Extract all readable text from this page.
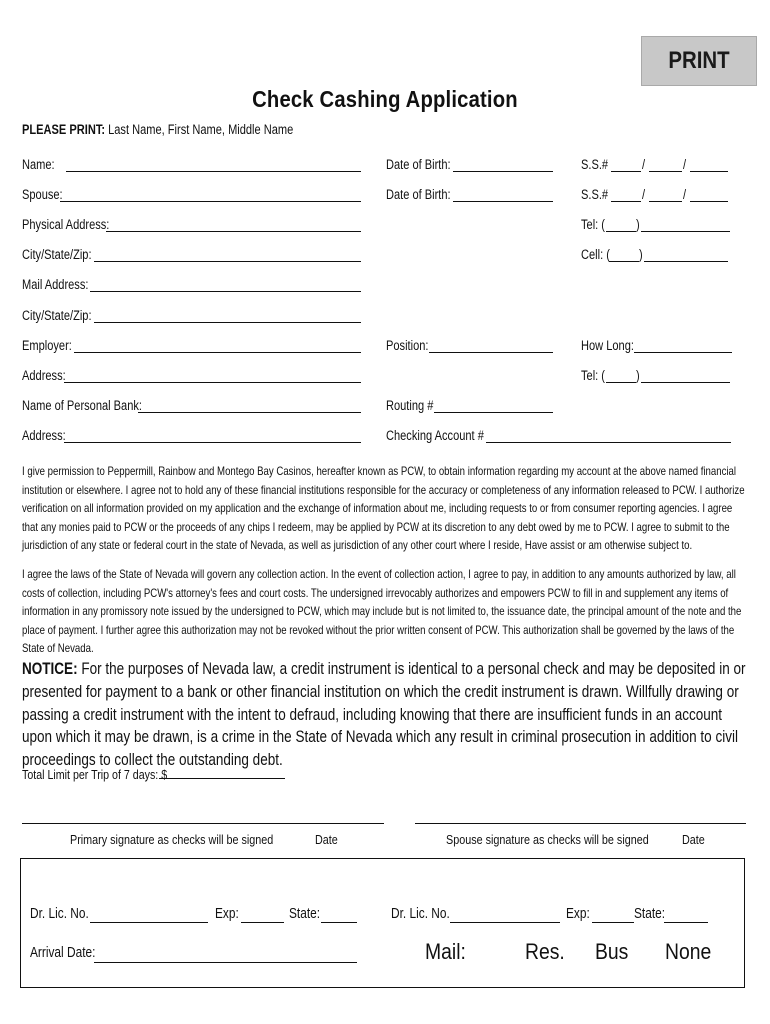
PRINT
Check Cashing Application
PLEASE PRINT: Last Name, First Name, Middle Name
Name:	Date of Birth:	S.S.#	/	/
Spouse:	Date of Birth:	S.S.#	/	/
Physical Address:	Tel: ( )
City/State/Zip:	Cell: ( )
Mail Address:
City/State/Zip:
Employer:	Position:	How Long:
Address:	Tel: ( )
Name of Personal Bank:	Routing #
Address:	Checking Account #

I give permission to Peppermill, Rainbow and Montego Bay Casinos, hereafter known as PCW, to obtain information regarding my account at the above named financial institution or elsewhere. I agree not to hold any of these financial institutions responsible for the accuracy or completeness of any information released to PCW. I authorize verification on all information provided on my application and the exchange of information about me, including requests to or from consumer reporting agencies. I agree that any monies paid to PCW or the proceeds of any chips I redeem, may be applied by PCW at its discretion to any debt owed by me to PCW. I agree to submit to the jurisdiction of any state or federal court in the state of Nevada, as well as jurisdiction of any other court where I reside, Have assist or am otherwise subject to.

I agree the laws of the State of Nevada will govern any collection action. In the event of collection action, I agree to pay, in addition to any amounts authorized by law, all costs of collection, including PCW's attorney's fees and court costs. The undersigned irrevocably authorizes and empowers PCW to fill in and supplement any items of information in any promissory note issued by the undersigned to PCW, which may include but is not limited to, the issuance date, the principal amount of the note and the place of payment. I further agree this authorization may not be revoked without the prior written consent of PCW. This authorization shall be governed by the laws of the State of Nevada.

NOTICE: For the purposes of Nevada law, a credit instrument is identical to a personal check and may be deposited in or presented for payment to a bank or other financial institution on which the credit instrument is drawn. Willfully drawing or passing a credit instrument with the intent to defraud, including knowing that there are insufficient funds in an account upon which it may be drawn, is a crime in the State of Nevada which any result in criminal prosecution in addition to civil proceedings to collect the outstanding debt.
Total Limit per Trip of 7 days: $
Primary signature as checks will be signed	Date	Spouse signature as checks will be signed	Date
Dr. Lic. No.	Exp:	State:	Dr. Lic. No.	Exp:	State:
Arrival Date:	Mail:	Res. Bus None
